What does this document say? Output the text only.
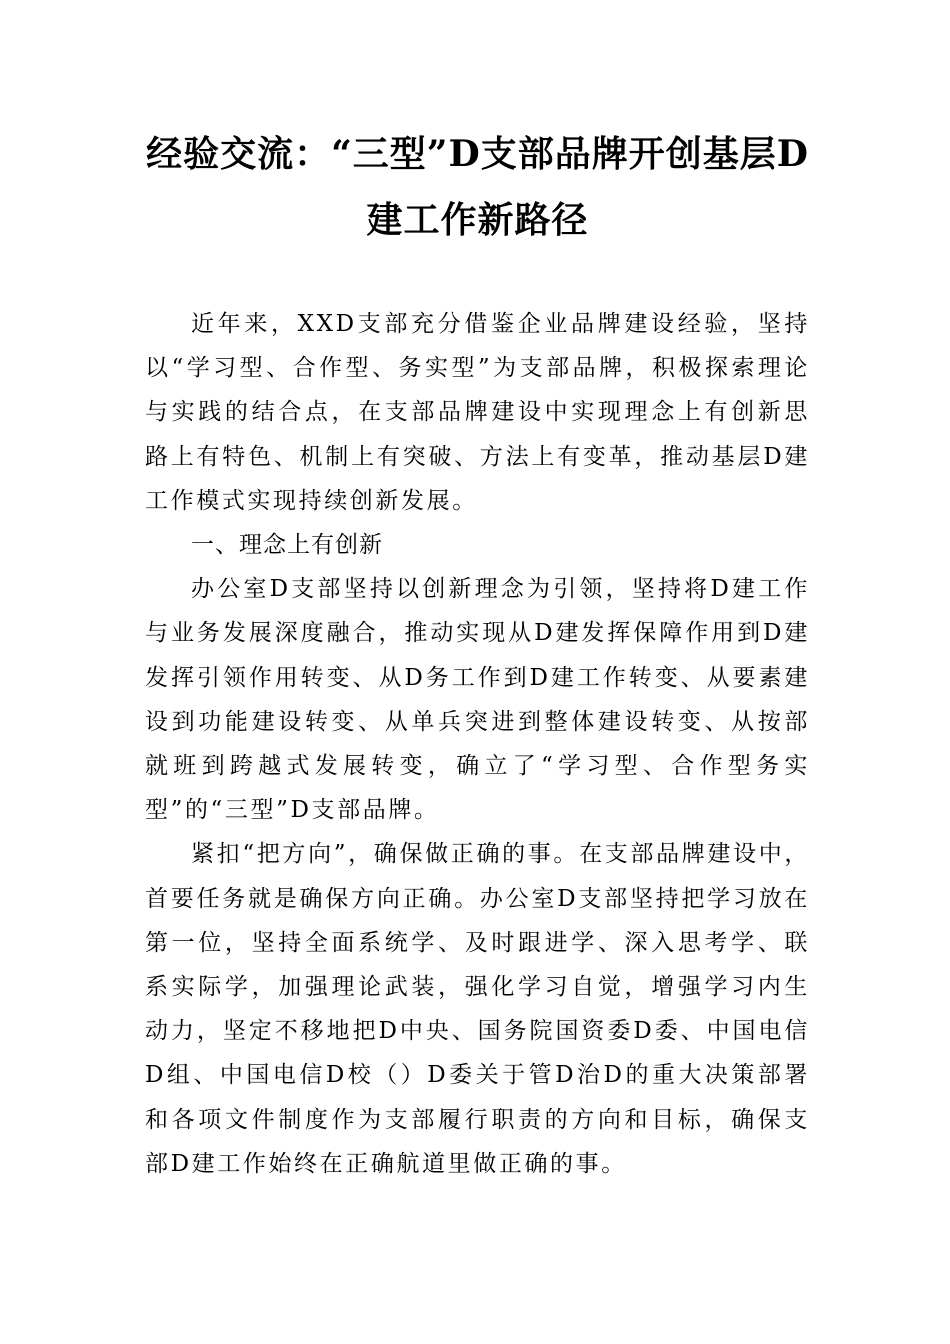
经验交流：“三型”D支部品牌开创基层D
建工作新路径

近年来，XXD支部充分借鉴企业品牌建设经验，坚持以“学习型、合作型、务实型”为支部品牌，积极探索理论与实践的结合点，在支部品牌建设中实现理念上有创新思路上有特色、机制上有突破、方法上有变革，推动基层D建工作模式实现持续创新发展。

一、理念上有创新

办公室D支部坚持以创新理念为引领，坚持将D建工作与业务发展深度融合，推动实现从D建发挥保障作用到D建发挥引领作用转变、从D务工作到D建工作转变、从要素建设到功能建设转变、从单兵突进到整体建设转变、从按部就班到跨越式发展转变，确立了“学习型、合作型务实型”的“三型”D支部品牌。

紧扣“把方向”，确保做正确的事。在支部品牌建设中，首要任务就是确保方向正确。办公室D支部坚持把学习放在第一位，坚持全面系统学、及时跟进学、深入思考学、联系实际学，加强理论武装，强化学习自觉，增强学习内生动力，坚定不移地把D中央、国务院国资委D委、中国电信D组、中国电信D校（）D委关于管D治D的重大决策部署和各项文件制度作为支部履行职责的方向和目标，确保支部D建工作始终在正确航道里做正确的事。
